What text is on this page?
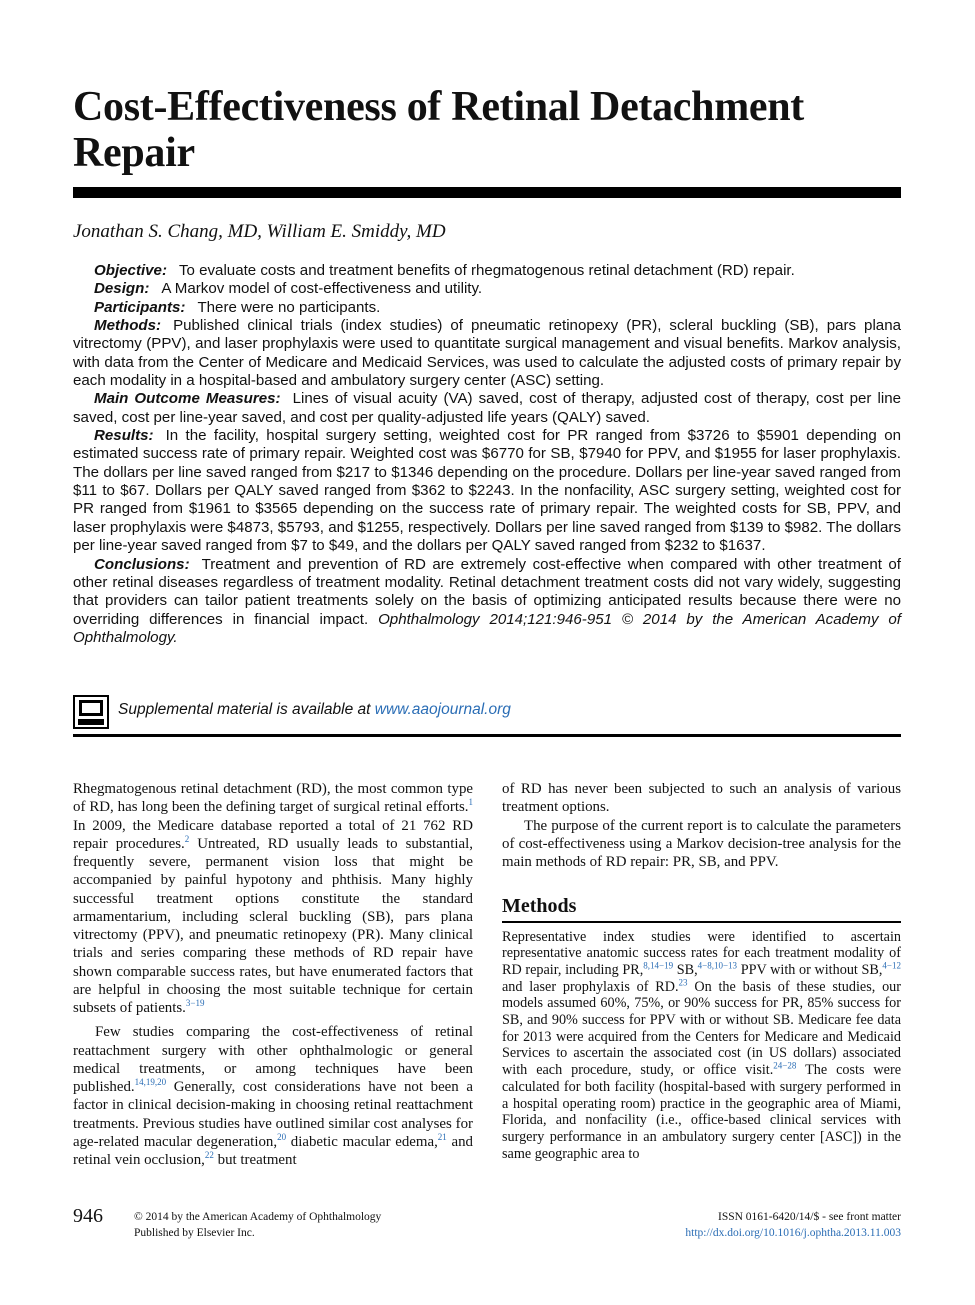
Cost-Effectiveness of Retinal Detachment Repair
Jonathan S. Chang, MD, William E. Smiddy, MD

Objective: To evaluate costs and treatment benefits of rhegmatogenous retinal detachment (RD) repair.

Design: A Markov model of cost-effectiveness and utility.

Participants: There were no participants.

Methods: Published clinical trials (index studies) of pneumatic retinopexy (PR), scleral buckling (SB), pars plana vitrectomy (PPV), and laser prophylaxis were used to quantitate surgical management and visual benefits. Markov analysis, with data from the Center of Medicare and Medicaid Services, was used to calculate the adjusted costs of primary repair by each modality in a hospital-based and ambulatory surgery center (ASC) setting.

Main Outcome Measures: Lines of visual acuity (VA) saved, cost of therapy, adjusted cost of therapy, cost per line saved, cost per line-year saved, and cost per quality-adjusted life years (QALY) saved.

Results: In the facility, hospital surgery setting, weighted cost for PR ranged from $3726 to $5901 depending on estimated success rate of primary repair. Weighted cost was $6770 for SB, $7940 for PPV, and $1955 for laser prophylaxis. The dollars per line saved ranged from $217 to $1346 depending on the procedure. Dollars per line-year saved ranged from $11 to $67. Dollars per QALY saved ranged from $362 to $2243. In the nonfacility, ASC surgery setting, weighted cost for PR ranged from $1961 to $3565 depending on the success rate of primary repair. The weighted costs for SB, PPV, and laser prophylaxis were $4873, $5793, and $1255, respectively. Dollars per line saved ranged from $139 to $982. The dollars per line-year saved ranged from $7 to $49, and the dollars per QALY saved ranged from $232 to $1637.

Conclusions: Treatment and prevention of RD are extremely cost-effective when compared with other treatment of other retinal diseases regardless of treatment modality. Retinal detachment treatment costs did not vary widely, suggesting that providers can tailor patient treatments solely on the basis of optimizing anticipated results because there were no overriding differences in financial impact. Ophthalmology 2014;121:946-951 © 2014 by the American Academy of Ophthalmology.

Supplemental material is available at www.aaojournal.org

Rhegmatogenous retinal detachment (RD), the most common type of RD, has long been the defining target of surgical retinal efforts.$^1$ In 2009, the Medicare database reported a total of 21 762 RD repair procedures.$^2$ Untreated, RD usually leads to substantial, frequently severe, permanent vision loss that might be accompanied by painful hypotony and phthisis. Many highly successful treatment options constitute the standard armamentarium, including scleral buckling (SB), pars plana vitrectomy (PPV), and pneumatic retinopexy (PR). Many clinical trials and series comparing these methods of RD repair have shown comparable success rates, but have enumerated factors that are helpful in choosing the most suitable technique for certain subsets of patients.$^{3-19}$

Few studies comparing the cost-effectiveness of retinal reattachment surgery with other ophthalmologic or general medical treatments, or among techniques have been published.$^{14,19,20}$ Generally, cost considerations have not been a factor in clinical decision-making in choosing retinal reattachment treatments. Previous studies have outlined similar cost analyses for age-related macular degeneration,$^{20}$ diabetic macular edema,$^{21}$ and retinal vein occlusion,$^{22}$ but treatment

of RD has never been subjected to such an analysis of various treatment options.

The purpose of the current report is to calculate the parameters of cost-effectiveness using a Markov decision-tree analysis for the main methods of RD repair: PR, SB, and PPV.

Methods

Representative index studies were identified to ascertain representative anatomic success rates for each treatment modality of RD repair, including PR,$^{8,14-19}$ SB,$^{4-8,10-13}$ PPV with or without SB,$^{4-12}$ and laser prophylaxis of RD.$^{23}$ On the basis of these studies, our models assumed 60%, 75%, or 90% success for PR, 85% success for SB, and 90% success for PPV with or without SB. Medicare fee data for 2013 were acquired from the Centers for Medicare and Medicaid Services to ascertain the associated cost (in US dollars) associated with each procedure, study, or office visit.$^{24-28}$ The costs were calculated for both facility (hospital-based with surgery performed in a hospital operating room) practice in the geographic area of Miami, Florida, and nonfacility (i.e., office-based clinical services with surgery performance in an ambulatory surgery center [ASC]) in the same geographic area to

946	© 2014 by the American Academy of Ophthalmology
Published by Elsevier Inc.
ISSN 0161-6420/14/$ - see front matter
http://dx.doi.org/10.1016/j.ophtha.2013.11.003
